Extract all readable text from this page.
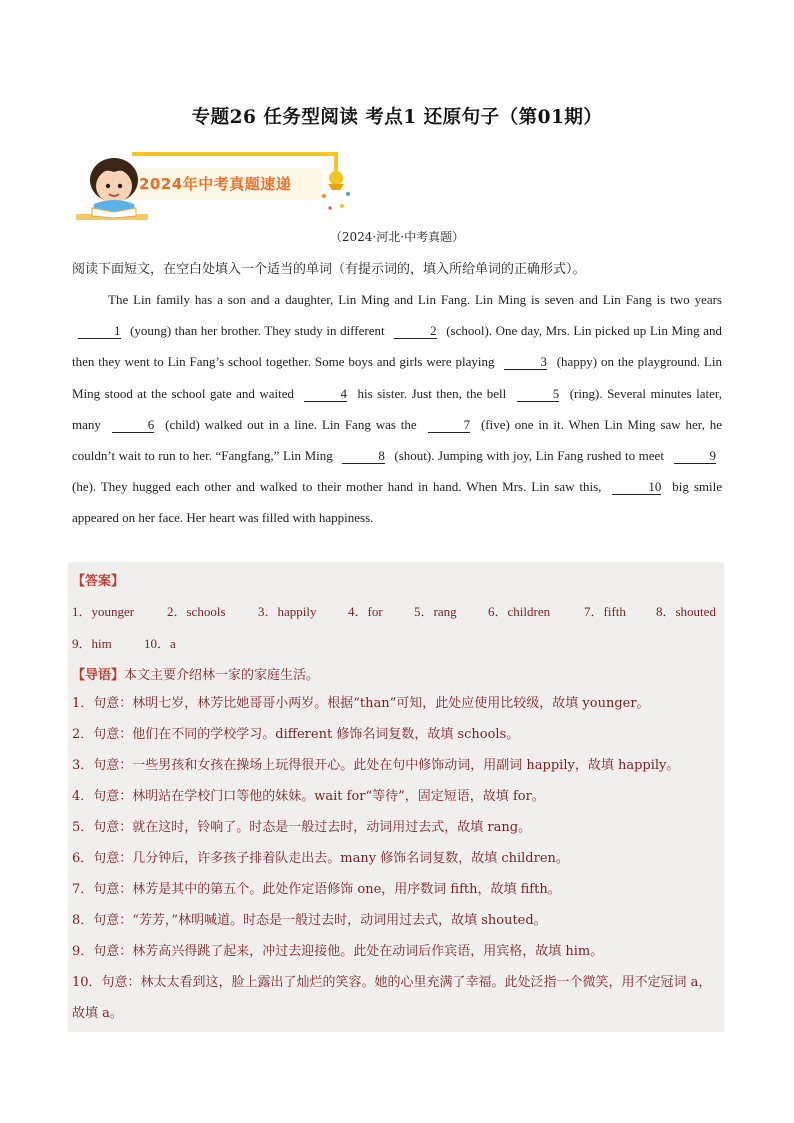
专题26 任务型阅读 考点1 还原句子（第01期）
2024年中考真题速递
（2024·河北·中考真题）
阅读下面短文，在空白处填入一个适当的单词（有提示词的，填入所给单词的正确形式）。

The Lin family has a son and a daughter, Lin Ming and Lin Fang. Lin Ming is seven and Lin Fang is two years 1 (young) than her brother. They study in different	2 (school). One day, Mrs. Lin picked up Lin Ming and then they went to Lin Fang’s school together. Some boys and girls were playing	3 (happy) on the playground. Lin Ming stood at the school gate and waited	4 his sister. Just then, the bell	5 (ring). Several minutes later, many	6 (child) walked out in a line. Lin Fang was the	7 (five) one in it. When Lin Ming saw her, he couldn’t wait to run to her. “Fangfang,” Lin Ming	8 (shout). Jumping with joy, Lin Fang rushed to meet	9 (he). They hugged each other and walked to their mother hand in hand. When Mrs. Lin saw this,	10 big smile appeared on her face. Her heart was filled with happiness.

【答案】
1．younger	2．schools 3．happily 4．for 5．rang 6．children	7．fifth 8．shouted
9．him 10．a
【导语】本文主要介绍林一家的家庭生活。
1．句意：林明七岁，林芳比她哥哥小两岁。根据“than”可知，此处应使用比较级，故填 younger。
2．句意：他们在不同的学校学习。different 修饰名词复数，故填 schools。
3．句意：一些男孩和女孩在操场上玩得很开心。此处在句中修饰动词，用副词 happily，故填 happily。
4．句意：林明站在学校门口等他的妹妹。wait for“等待”，固定短语，故填 for。
5．句意：就在这时，铃响了。时态是一般过去时，动词用过去式，故填 rang。
6．句意：几分钟后，许多孩子排着队走出去。many 修饰名词复数，故填 children。
7．句意：林芳是其中的第五个。此处作定语修饰 one，用序数词 fifth，故填 fifth。
8．句意：“芳芳，”林明喊道。时态是一般过去时，动词用过去式，故填 shouted。
9．句意：林芳高兴得跳了起来，冲过去迎接他。此处在动词后作宾语，用宾格，故填 him。
10．句意：林太太看到这，脸上露出了灿烂的笑容。她的心里充满了幸福。此处泛指一个微笑，用不定冠词 a，故填 a。
